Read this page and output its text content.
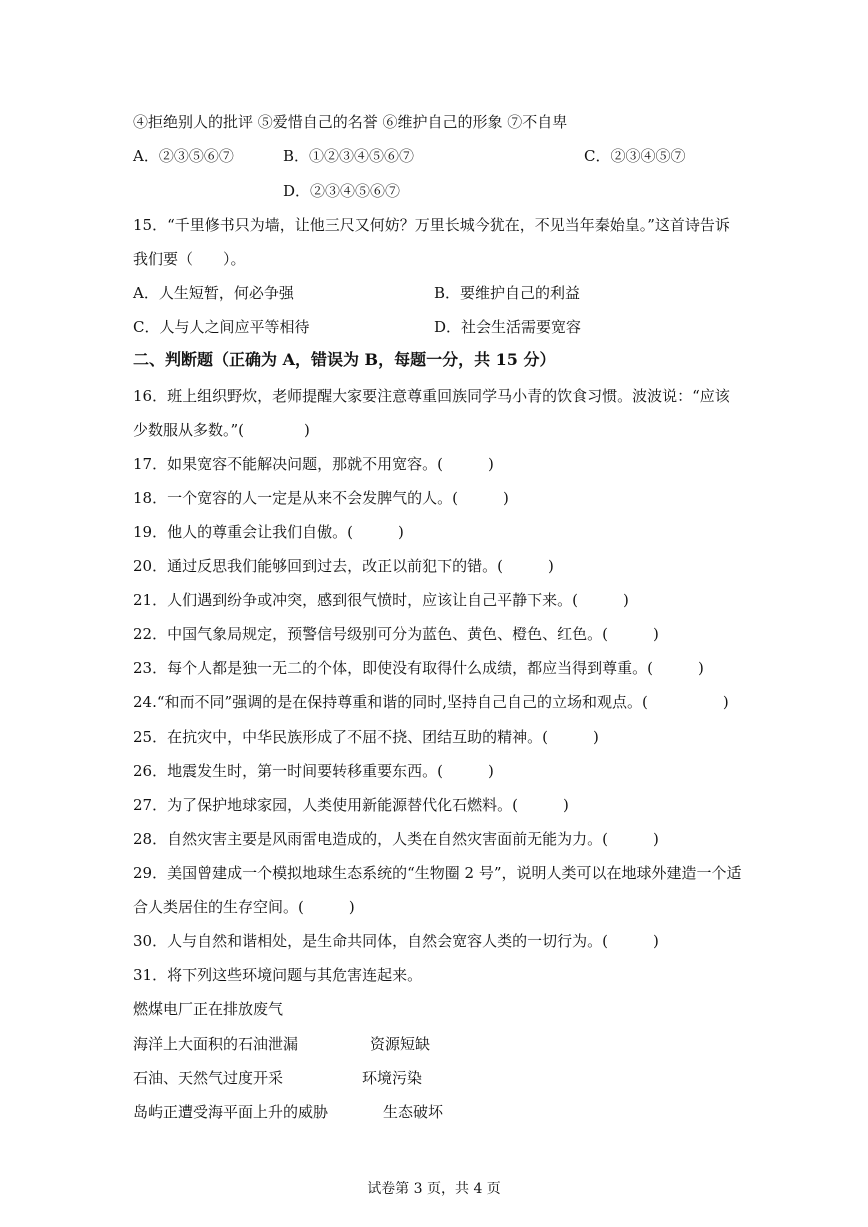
④拒绝别人的批评 ⑤爱惜自己的名誉 ⑥维护自己的形象 ⑦不自卑
A．②③⑤⑥⑦	B．①②③④⑤⑥⑦	C．②③④⑤⑦
D．②③④⑤⑥⑦
15．“千里修书只为墙，让他三尺又何妨？万里长城今犹在，不见当年秦始皇。”这首诗告诉
我们要（　　）。
A．人生短暂，何必争强	B．要维护自己的利益
C．人与人之间应平等相待	D．社会生活需要宽容
二、判断题（正确为 A，错误为 B，每题一分，共 15 分）
16．班上组织野炊，老师提醒大家要注意尊重回族同学马小青的饮食习惯。波波说：“应该
少数服从多数。”(　　　　)
17．如果宽容不能解决问题，那就不用宽容。(　　　)
18．一个宽容的人一定是从来不会发脾气的人。(　　　)
19．他人的尊重会让我们自傲。(　　　)
20．通过反思我们能够回到过去，改正以前犯下的错。(　　　)
21．人们遇到纷争或冲突，感到很气愤时，应该让自己平静下来。(　　　)
22．中国气象局规定，预警信号级别可分为蓝色、黄色、橙色、红色。(　　　)
23．每个人都是独一无二的个体，即使没有取得什么成绩，都应当得到尊重。(　　　)
24.“和而不同”强调的是在保持尊重和谐的同时,坚持自己自己的立场和观点。(　　　　　)
25．在抗灾中，中华民族形成了不屈不挠、团结互助的精神。(　　　)
26．地震发生时，第一时间要转移重要东西。(　　　)
27．为了保护地球家园，人类使用新能源替代化石燃料。(　　　)
28．自然灾害主要是风雨雷电造成的，人类在自然灾害面前无能为力。(　　　)
29．美国曾建成一个模拟地球生态系统的“生物圈 2 号”，说明人类可以在地球外建造一个适
合人类居住的生存空间。(　　　)
30．人与自然和谐相处，是生命共同体，自然会宽容人类的一切行为。(　　　)
31．将下列这些环境问题与其危害连起来。
燃煤电厂正在排放废气
海洋上大面积的石油泄漏	资源短缺
石油、天然气过度开采	环境污染
岛屿正遭受海平面上升的威胁	生态破坏
试卷第 3 页，共 4 页
